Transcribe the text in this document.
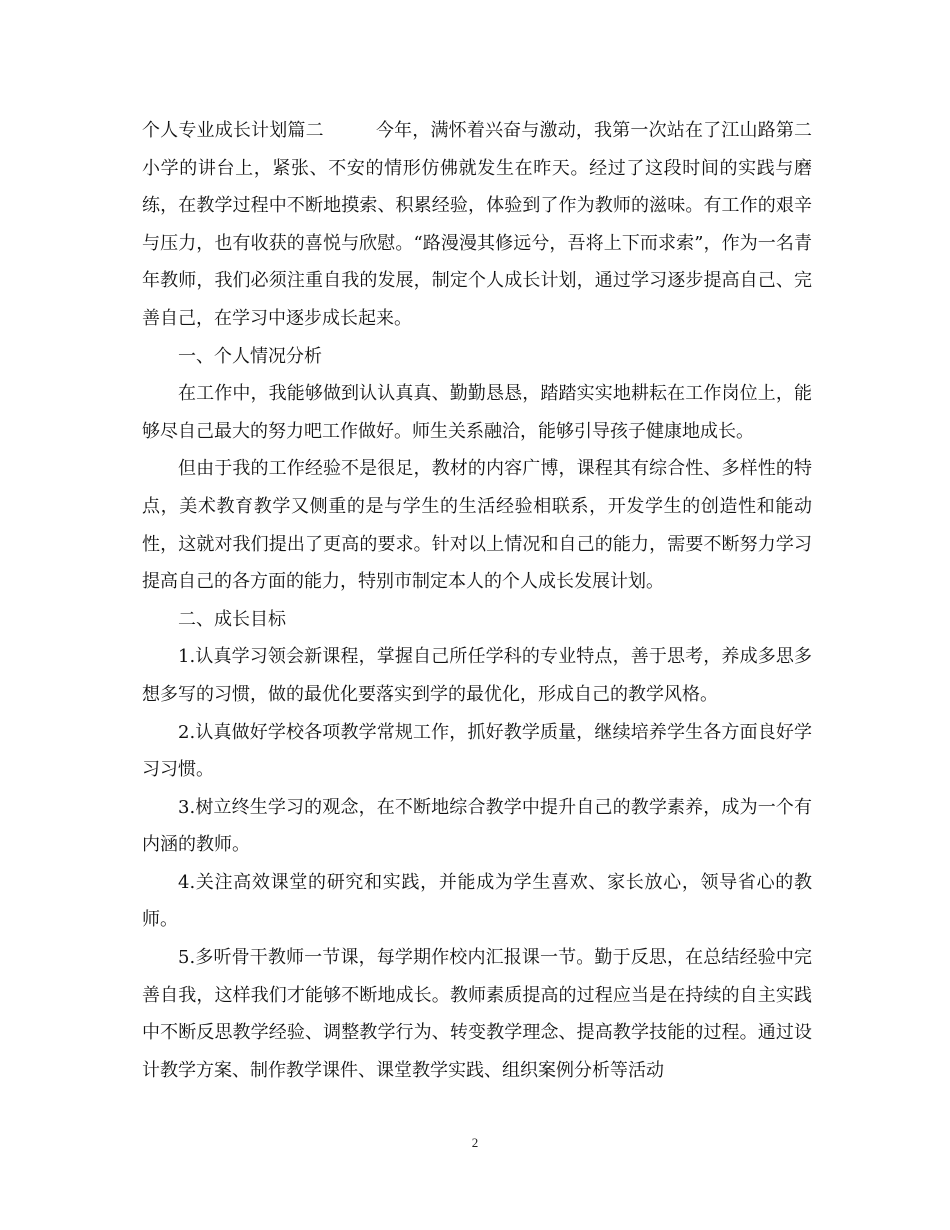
个人专业成长计划篇二	今年，满怀着兴奋与激动，我第一次站在了江山路第二小学的讲台上，紧张、不安的情形仿佛就发生在昨天。经过了这段时间的实践与磨练，在教学过程中不断地摸索、积累经验，体验到了作为教师的滋味。有工作的艰辛与压力，也有收获的喜悦与欣慰。“路漫漫其修远兮，吾将上下而求索”，作为一名青年教师，我们必须注重自我的发展，制定个人成长计划，通过学习逐步提高自己、完善自己，在学习中逐步成长起来。

一、个人情况分析

在工作中，我能够做到认认真真、勤勤恳恳，踏踏实实地耕耘在工作岗位上，能够尽自己最大的努力吧工作做好。师生关系融洽，能够引导孩子健康地成长。

但由于我的工作经验不是很足，教材的内容广博，课程其有综合性、多样性的特点，美术教育教学又侧重的是与学生的生活经验相联系，开发学生的创造性和能动性，这就对我们提出了更高的要求。针对以上情况和自己的能力，需要不断努力学习提高自己的各方面的能力，特别市制定本人的个人成长发展计划。

二、成长目标

1.认真学习领会新课程，掌握自己所任学科的专业特点，善于思考，养成多思多想多写的习惯，做的最优化要落实到学的最优化，形成自己的教学风格。

2.认真做好学校各项教学常规工作，抓好教学质量，继续培养学生各方面良好学习习惯。

3.树立终生学习的观念，在不断地综合教学中提升自己的教学素养，成为一个有内涵的教师。

4.关注高效课堂的研究和实践，并能成为学生喜欢、家长放心，领导省心的教师。

5.多听骨干教师一节课，每学期作校内汇报课一节。勤于反思，在总结经验中完善自我，这样我们才能够不断地成长。教师素质提高的过程应当是在持续的自主实践中不断反思教学经验、调整教学行为、转变教学理念、提高教学技能的过程。通过设计教学方案、制作教学课件、课堂教学实践、组织案例分析等活动

2
